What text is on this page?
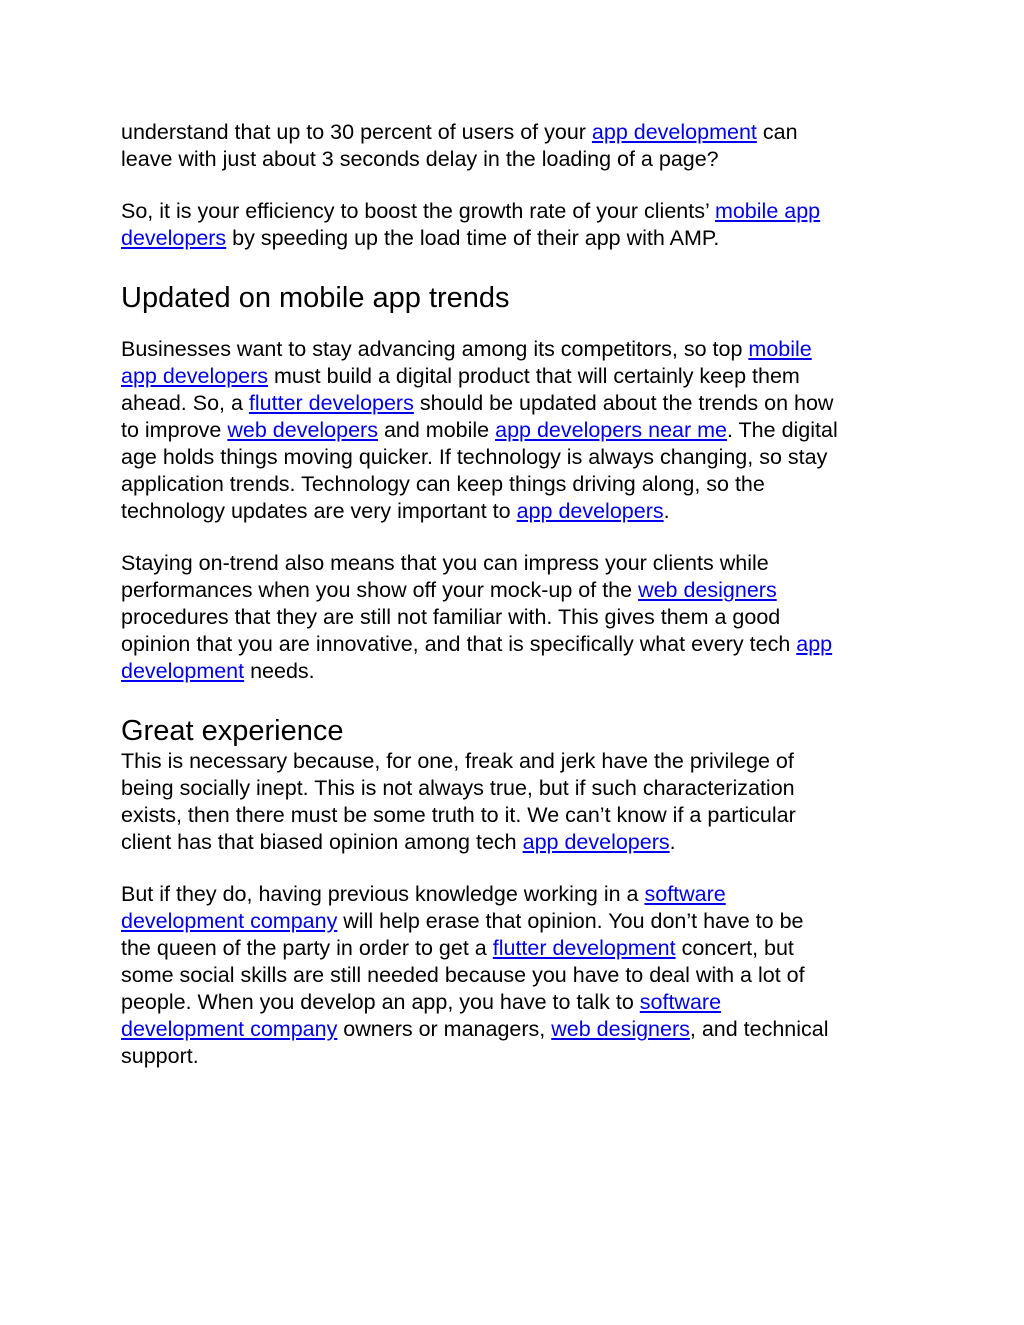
understand that up to 30 percent of users of your app development can
leave with just about 3 seconds delay in the loading of a page?

So, it is your efficiency to boost the growth rate of your clients’ mobile app
developers by speeding up the load time of their app with AMP.

Updated on mobile app trends

Businesses want to stay advancing among its competitors, so top mobile
app developers must build a digital product that will certainly keep them
ahead. So, a flutter developers should be updated about the trends on how
to improve web developers and mobile app developers near me. The digital
age holds things moving quicker. If technology is always changing, so stay
application trends. Technology can keep things driving along, so the
technology updates are very important to app developers.

Staying on-trend also means that you can impress your clients while
performances when you show off your mock-up of the web designers
procedures that they are still not familiar with. This gives them a good
opinion that you are innovative, and that is specifically what every tech app
development needs.

Great experience

This is necessary because, for one, freak and jerk have the privilege of
being socially inept. This is not always true, but if such characterization
exists, then there must be some truth to it. We can’t know if a particular
client has that biased opinion among tech app developers.

But if they do, having previous knowledge working in a software
development company will help erase that opinion. You don’t have to be
the queen of the party in order to get a flutter development concert, but
some social skills are still needed because you have to deal with a lot of
people. When you develop an app, you have to talk to software
development company owners or managers, web designers, and technical
support.
